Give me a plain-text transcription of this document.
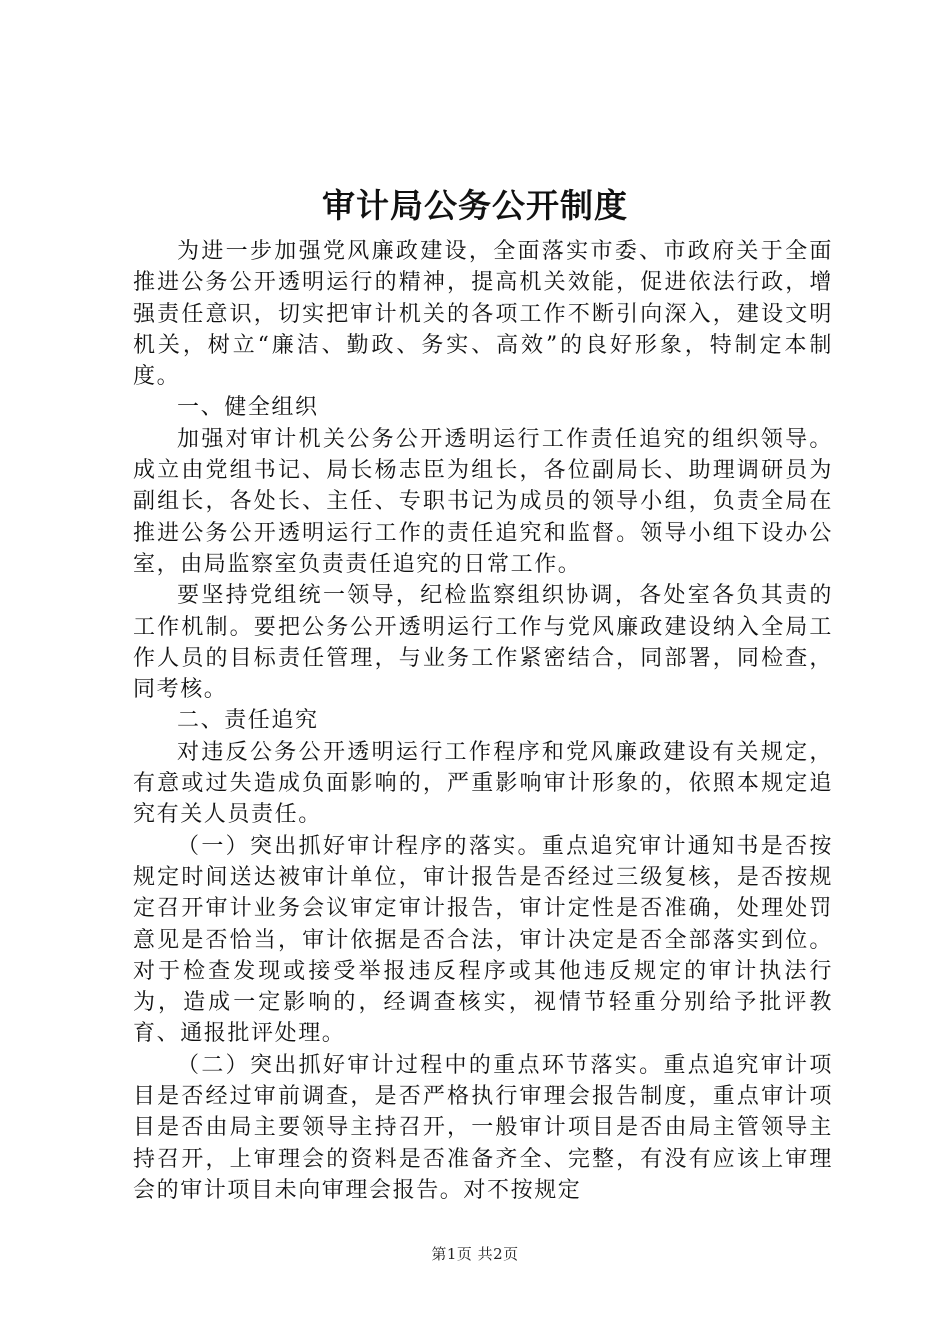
审计局公务公开制度

为进一步加强党风廉政建设，全面落实市委、市政府关于全面推进公务公开透明运行的精神，提高机关效能，促进依法行政，增强责任意识，切实把审计机关的各项工作不断引向深入，建设文明机关，树立“廉洁、勤政、务实、高效”的良好形象，特制定本制度。

一、健全组织

加强对审计机关公务公开透明运行工作责任追究的组织领导。成立由党组书记、局长杨志臣为组长，各位副局长、助理调研员为副组长，各处长、主任、专职书记为成员的领导小组，负责全局在推进公务公开透明运行工作的责任追究和监督。领导小组下设办公室，由局监察室负责责任追究的日常工作。

要坚持党组统一领导，纪检监察组织协调，各处室各负其责的工作机制。要把公务公开透明运行工作与党风廉政建设纳入全局工作人员的目标责任管理，与业务工作紧密结合，同部署，同检查，同考核。

二、责任追究

对违反公务公开透明运行工作程序和党风廉政建设有关规定，有意或过失造成负面影响的，严重影响审计形象的，依照本规定追究有关人员责任。

（一）突出抓好审计程序的落实。重点追究审计通知书是否按规定时间送达被审计单位，审计报告是否经过三级复核，是否按规定召开审计业务会议审定审计报告，审计定性是否准确，处理处罚意见是否恰当，审计依据是否合法，审计决定是否全部落实到位。对于检查发现或接受举报违反程序或其他违反规定的审计执法行为，造成一定影响的，经调查核实，视情节轻重分别给予批评教育、通报批评处理。

（二）突出抓好审计过程中的重点环节落实。重点追究审计项目是否经过审前调查，是否严格执行审理会报告制度，重点审计项目是否由局主要领导主持召开，一般审计项目是否由局主管领导主持召开，上审理会的资料是否准备齐全、完整，有没有应该上审理会的审计项目未向审理会报告。对不按规定

第1页 共2页
